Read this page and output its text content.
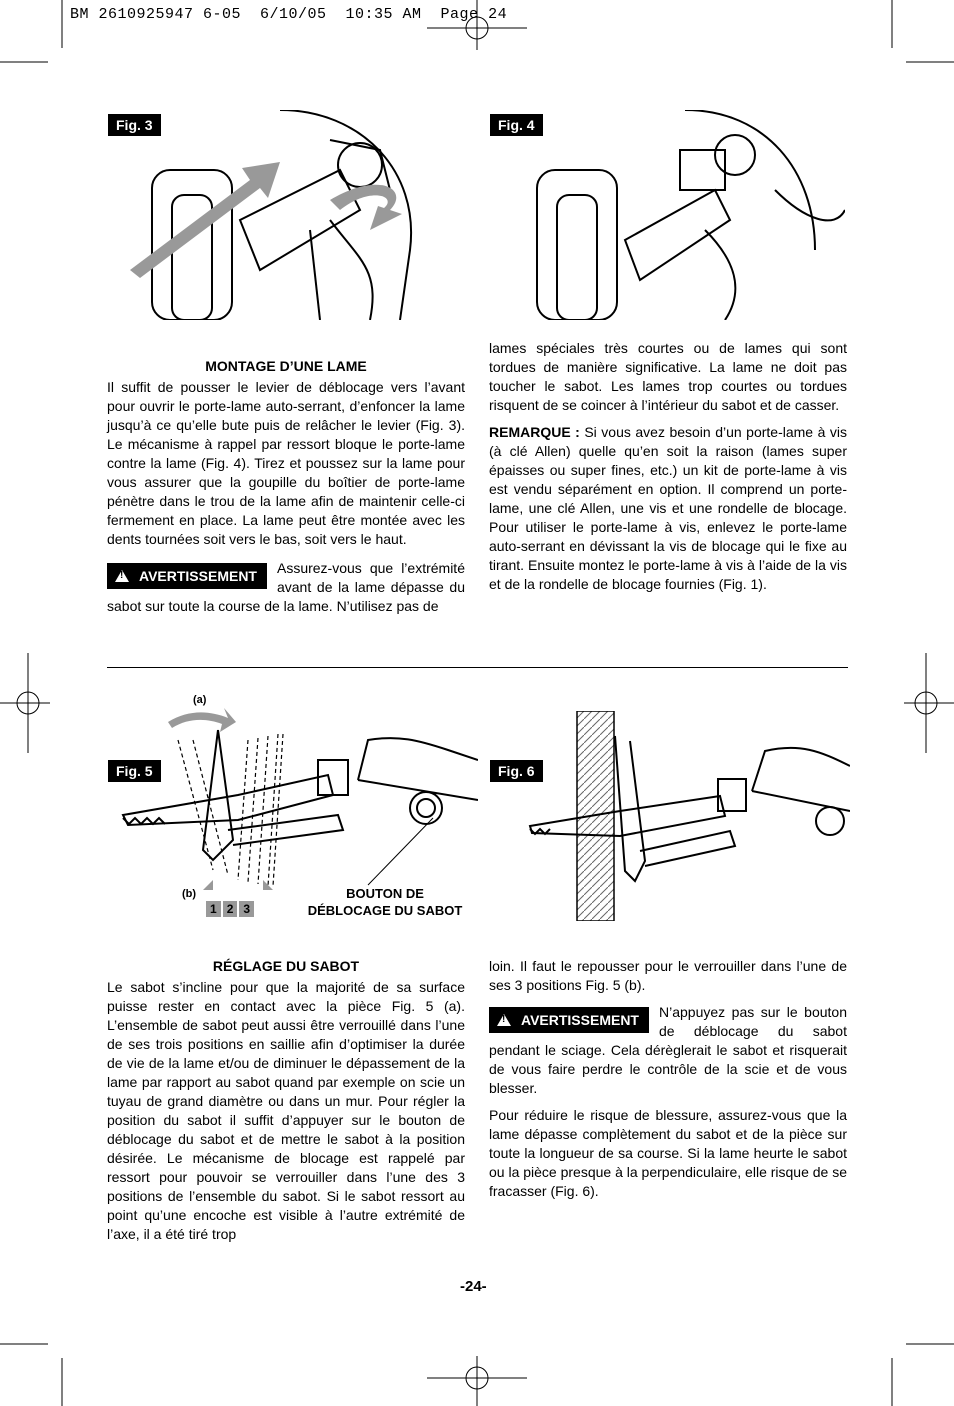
BM 2610925947 6-05  6/10/05  10:35 AM  Page 24
Fig. 3	Fig. 4
MONTAGE D’UNE LAME

Il suffit de pousser le levier de déblocage vers l’avant pour ouvrir le porte-lame auto-serrant, d’enfoncer la lame jusqu’à ce qu’elle bute puis de relâcher le levier (Fig. 3). Le mécanisme à rappel par ressort bloque le porte-lame contre la lame (Fig. 4). Tirez et poussez sur la lame pour vous assurer que la goupille du boîtier de porte-lame pénètre dans le trou de la lame afin de maintenir celle-ci fermement en place. La lame peut être montée avec les dents tournées soit vers le bas, soit vers le haut.

!AVERTISSEMENT	Assurez-vous que l’extrémité avant de la lame dépasse du sabot sur toute la course de la lame. N’utilisez pas de

lames spéciales très courtes ou de lames qui sont tordues de manière significative. La lame ne doit pas toucher le sabot. Les lames trop courtes ou tordues risquent de se coincer à l’intérieur du sabot et de casser.

REMARQUE : Si vous avez besoin d’un porte-lame à vis (à clé Allen) quelle qu’en soit la raison (lames super épaisses ou super fines, etc.) un kit de porte-lame à vis est vendu séparément en option. Il comprend un porte-lame, une clé Allen, une vis et une rondelle de blocage. Pour utiliser le porte-lame à vis, enlevez le porte-lame auto-serrant en dévissant la vis de blocage qui le fixe au tirant. Ensuite montez le porte-lame à vis à l’aide de la vis et de la rondelle de blocage fournies (Fig. 1).

Fig. 5
(a)
(b)
1 2 3
BOUTON DE
DÉBLOCAGE DU SABOT
Fig. 6
RÉGLAGE DU SABOT

Le sabot s’incline pour que la majorité de sa surface puisse rester en contact avec la pièce Fig. 5 (a). L’ensemble de sabot peut aussi être verrouillé dans l’une de ses trois positions en saillie afin d’optimiser la durée de vie de la lame et/ou de diminuer le dépassement de la lame par rapport au sabot quand par exemple on scie un tuyau de grand diamètre ou dans un mur. Pour régler la position du sabot il suffit d’appuyer sur le bouton de déblocage du sabot et de mettre le sabot à la position désirée. Le mécanisme de blocage est rappelé par ressort pour pouvoir se verrouiller dans l’une des 3 positions de l’ensemble du sabot. Si le sabot ressort au point qu’une encoche est visible à l’autre extrémité de l’axe, il a été tiré trop

loin. Il faut le repousser pour le verrouiller dans l’une de ses 3 positions Fig. 5 (b).

!AVERTISSEMENT	N’appuyez pas sur le bouton de déblocage du sabot pendant le sciage. Cela dérèglerait le sabot et risquerait de vous faire perdre le contrôle de la scie et de vous blesser.

Pour réduire le risque de blessure, assurez-vous que la lame dépasse complètement du sabot et de la pièce sur toute la longueur de sa course. Si la lame heurte le sabot ou la pièce presque à la perpendiculaire, elle risque de se fracasser (Fig. 6).

-24-
